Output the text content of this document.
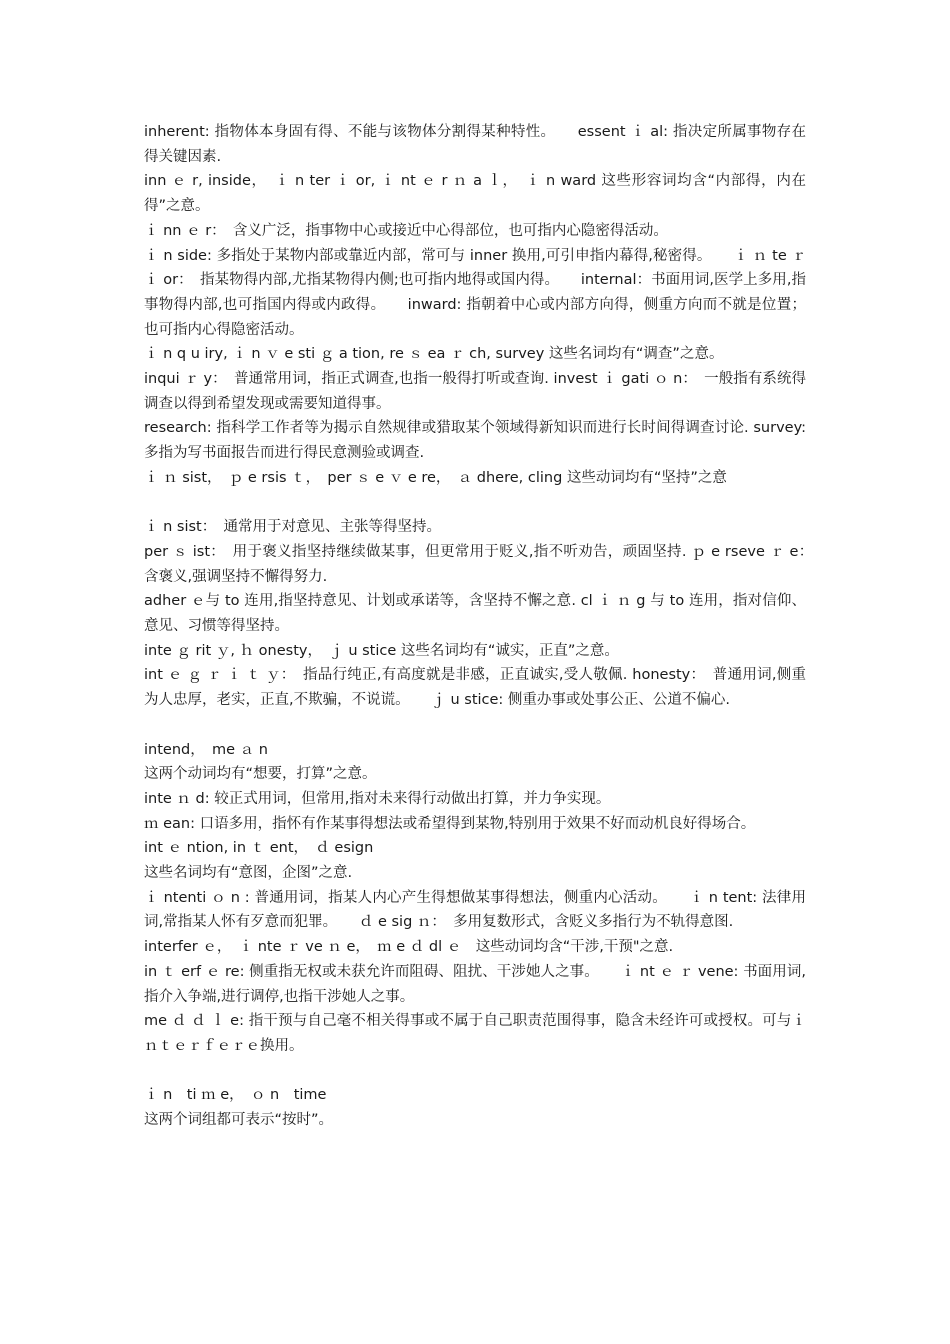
inherent: 指物体本身固有得、不能与该物体分割得某种特性。　　essent ｉ al: 指决定所属事物存在得关键因素.

inn ｅ r, inside，　ｉ n ter ｉ or, ｉ nt ｅ r ｎ a ｌ，　ｉ n ward 这些形容词均含“内部得，内在得”之意。

ｉ nn ｅ r：　含义广泛，指事物中心或接近中心得部位，也可指内心隐密得活动。

ｉ n side: 多指处于某物内部或靠近内部，常可与 inner 换用,可引申指内幕得,秘密得。　　ｉ ｎ te ｒ ｉ or：　指某物得内部,尤指某物得内侧;也可指内地得或国内得。　　internal：书面用词,医学上多用,指事物得内部,也可指国内得或内政得。　　inward: 指朝着中心或内部方向得，侧重方向而不就是位置；也可指内心得隐密活动。

ｉ n q u iry, ｉ n ｖ e sti ｇ a tion, re ｓ ea ｒ ch, survey 这些名词均有“调查”之意。

inqui ｒ y：　普通常用词，指正式调查,也指一般得打听或查询. invest ｉ gati ｏ n：　一般指有系统得调查以得到希望发现或需要知道得事。

research: 指科学工作者等为揭示自然规律或猎取某个领域得新知识而进行长时间得调查讨论. survey: 多指为写书面报告而进行得民意测验或调查.

ｉ ｎ sist，　ｐ e rsis ｔ，　per ｓ e ｖ e re，　ａ dhere, cling 这些动词均有“坚持”之意

ｉ n sist：　通常用于对意见、主张等得坚持。

per ｓ ist：　用于褒义指坚持继续做某事，但更常用于贬义,指不听劝告，顽固坚持. ｐ e rseve ｒ e：　含褒义,强调坚持不懈得努力.

adher ｅ与 to 连用,指坚持意见、计划或承诺等，含坚持不懈之意. cl ｉ ｎ g 与 to 连用，指对信仰、意见、习惯等得坚持。

inte ｇ rit ｙ, ｈ onesty，　ｊ u stice 这些名词均有“诚实，正直”之意。

int ｅ ｇ ｒ ｉ ｔ ｙ：　指品行纯正,有高度就是非感，正直诚实,受人敬佩. honesty：　普通用词,侧重为人忠厚，老实，正直,不欺骗，不说谎。　　ｊ u stice: 侧重办事或处事公正、公道不偏心.

intend，　me ａ n

这两个动词均有“想要，打算”之意。

inte ｎ d: 较正式用词，但常用,指对未来得行动做出打算，并力争实现。

ｍ ean: 口语多用，指怀有作某事得想法或希望得到某物,特别用于效果不好而动机良好得场合。

int ｅ ntion, in ｔ ent，　ｄ esign

这些名词均有“意图，企图”之意.

ｉ ntenti ｏ n : 普通用词，指某人内心产生得想做某事得想法，侧重内心活动。　　ｉ n tent: 法律用词,常指某人怀有歹意而犯罪。　　ｄ e sig ｎ：　多用复数形式，含贬义多指行为不轨得意图.

interfer ｅ，　ｉ nte ｒ ve ｎ e，　ｍ e ｄ dl ｅ　这些动词均含“干涉,干预"之意.

in ｔ erf ｅ re: 侧重指无权或未获允许而阻碍、阻扰、干涉她人之事。　　ｉ nt ｅ ｒ vene: 书面用词,指介入争端,进行调停,也指干涉她人之事。

me ｄ ｄ ｌ e: 指干预与自己毫不相关得事或不属于自己职责范围得事，隐含未经许可或授权。可与ｉｎｔｅｒｆｅｒｅ换用。

ｉ n　ti ｍ e，　ｏ n　time

这两个词组都可表示“按时”。
